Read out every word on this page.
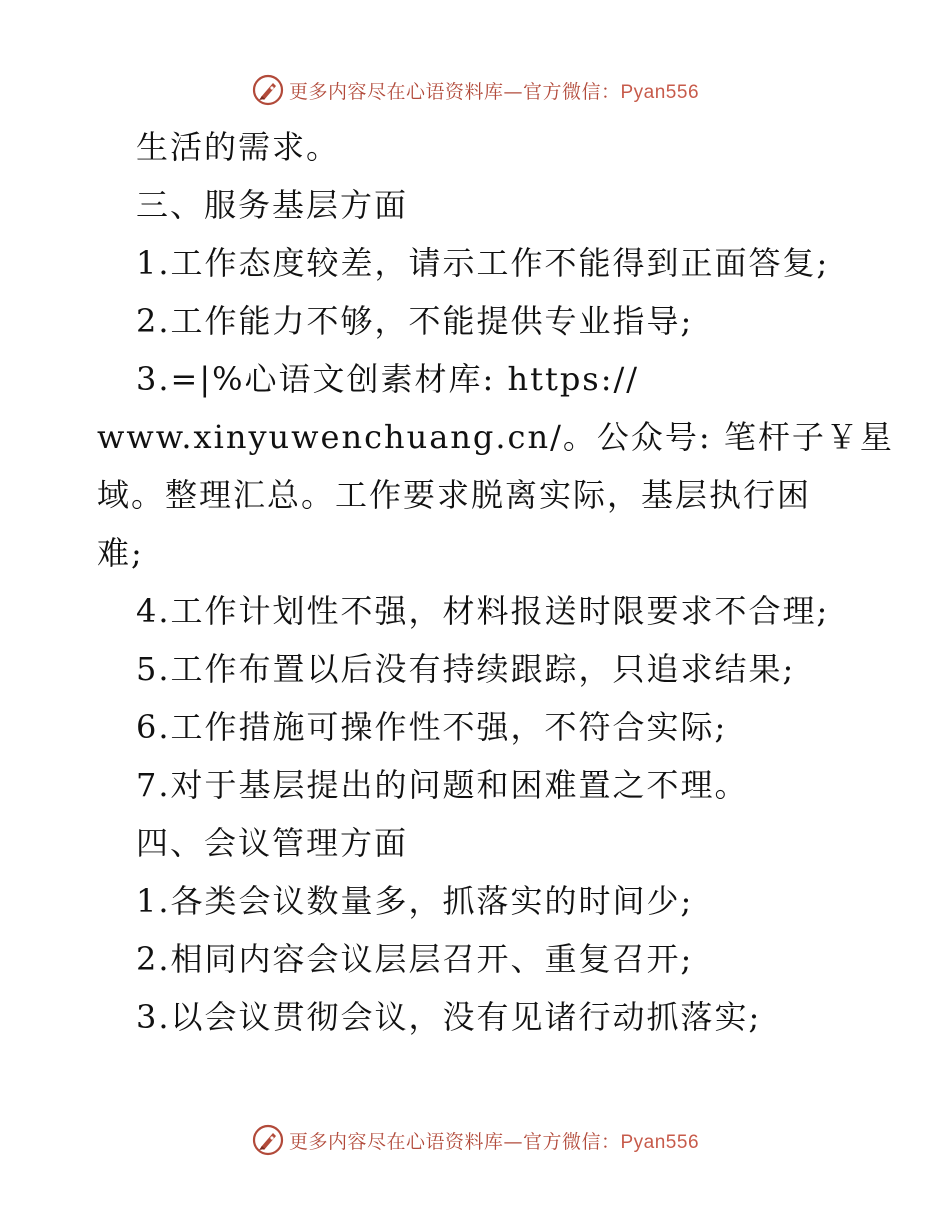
更多内容尽在心语资料库—官方微信：Pyan556
生活的需求。
三、服务基层方面
1.工作态度较差，请示工作不能得到正面答复;
2.工作能力不够，不能提供专业指导;
3.=|%心语文创素材库: https://
www.xinyuwenchuang.cn/。公众号: 笔杆子￥星
域。整理汇总。工作要求脱离实际，基层执行困
难;
4.工作计划性不强，材料报送时限要求不合理;
5.工作布置以后没有持续跟踪，只追求结果;
6.工作措施可操作性不强，不符合实际;
7.对于基层提出的问题和困难置之不理。
四、会议管理方面
1.各类会议数量多，抓落实的时间少;
2.相同内容会议层层召开、重复召开;
3.以会议贯彻会议，没有见诸行动抓落实;
更多内容尽在心语资料库—官方微信：Pyan556
